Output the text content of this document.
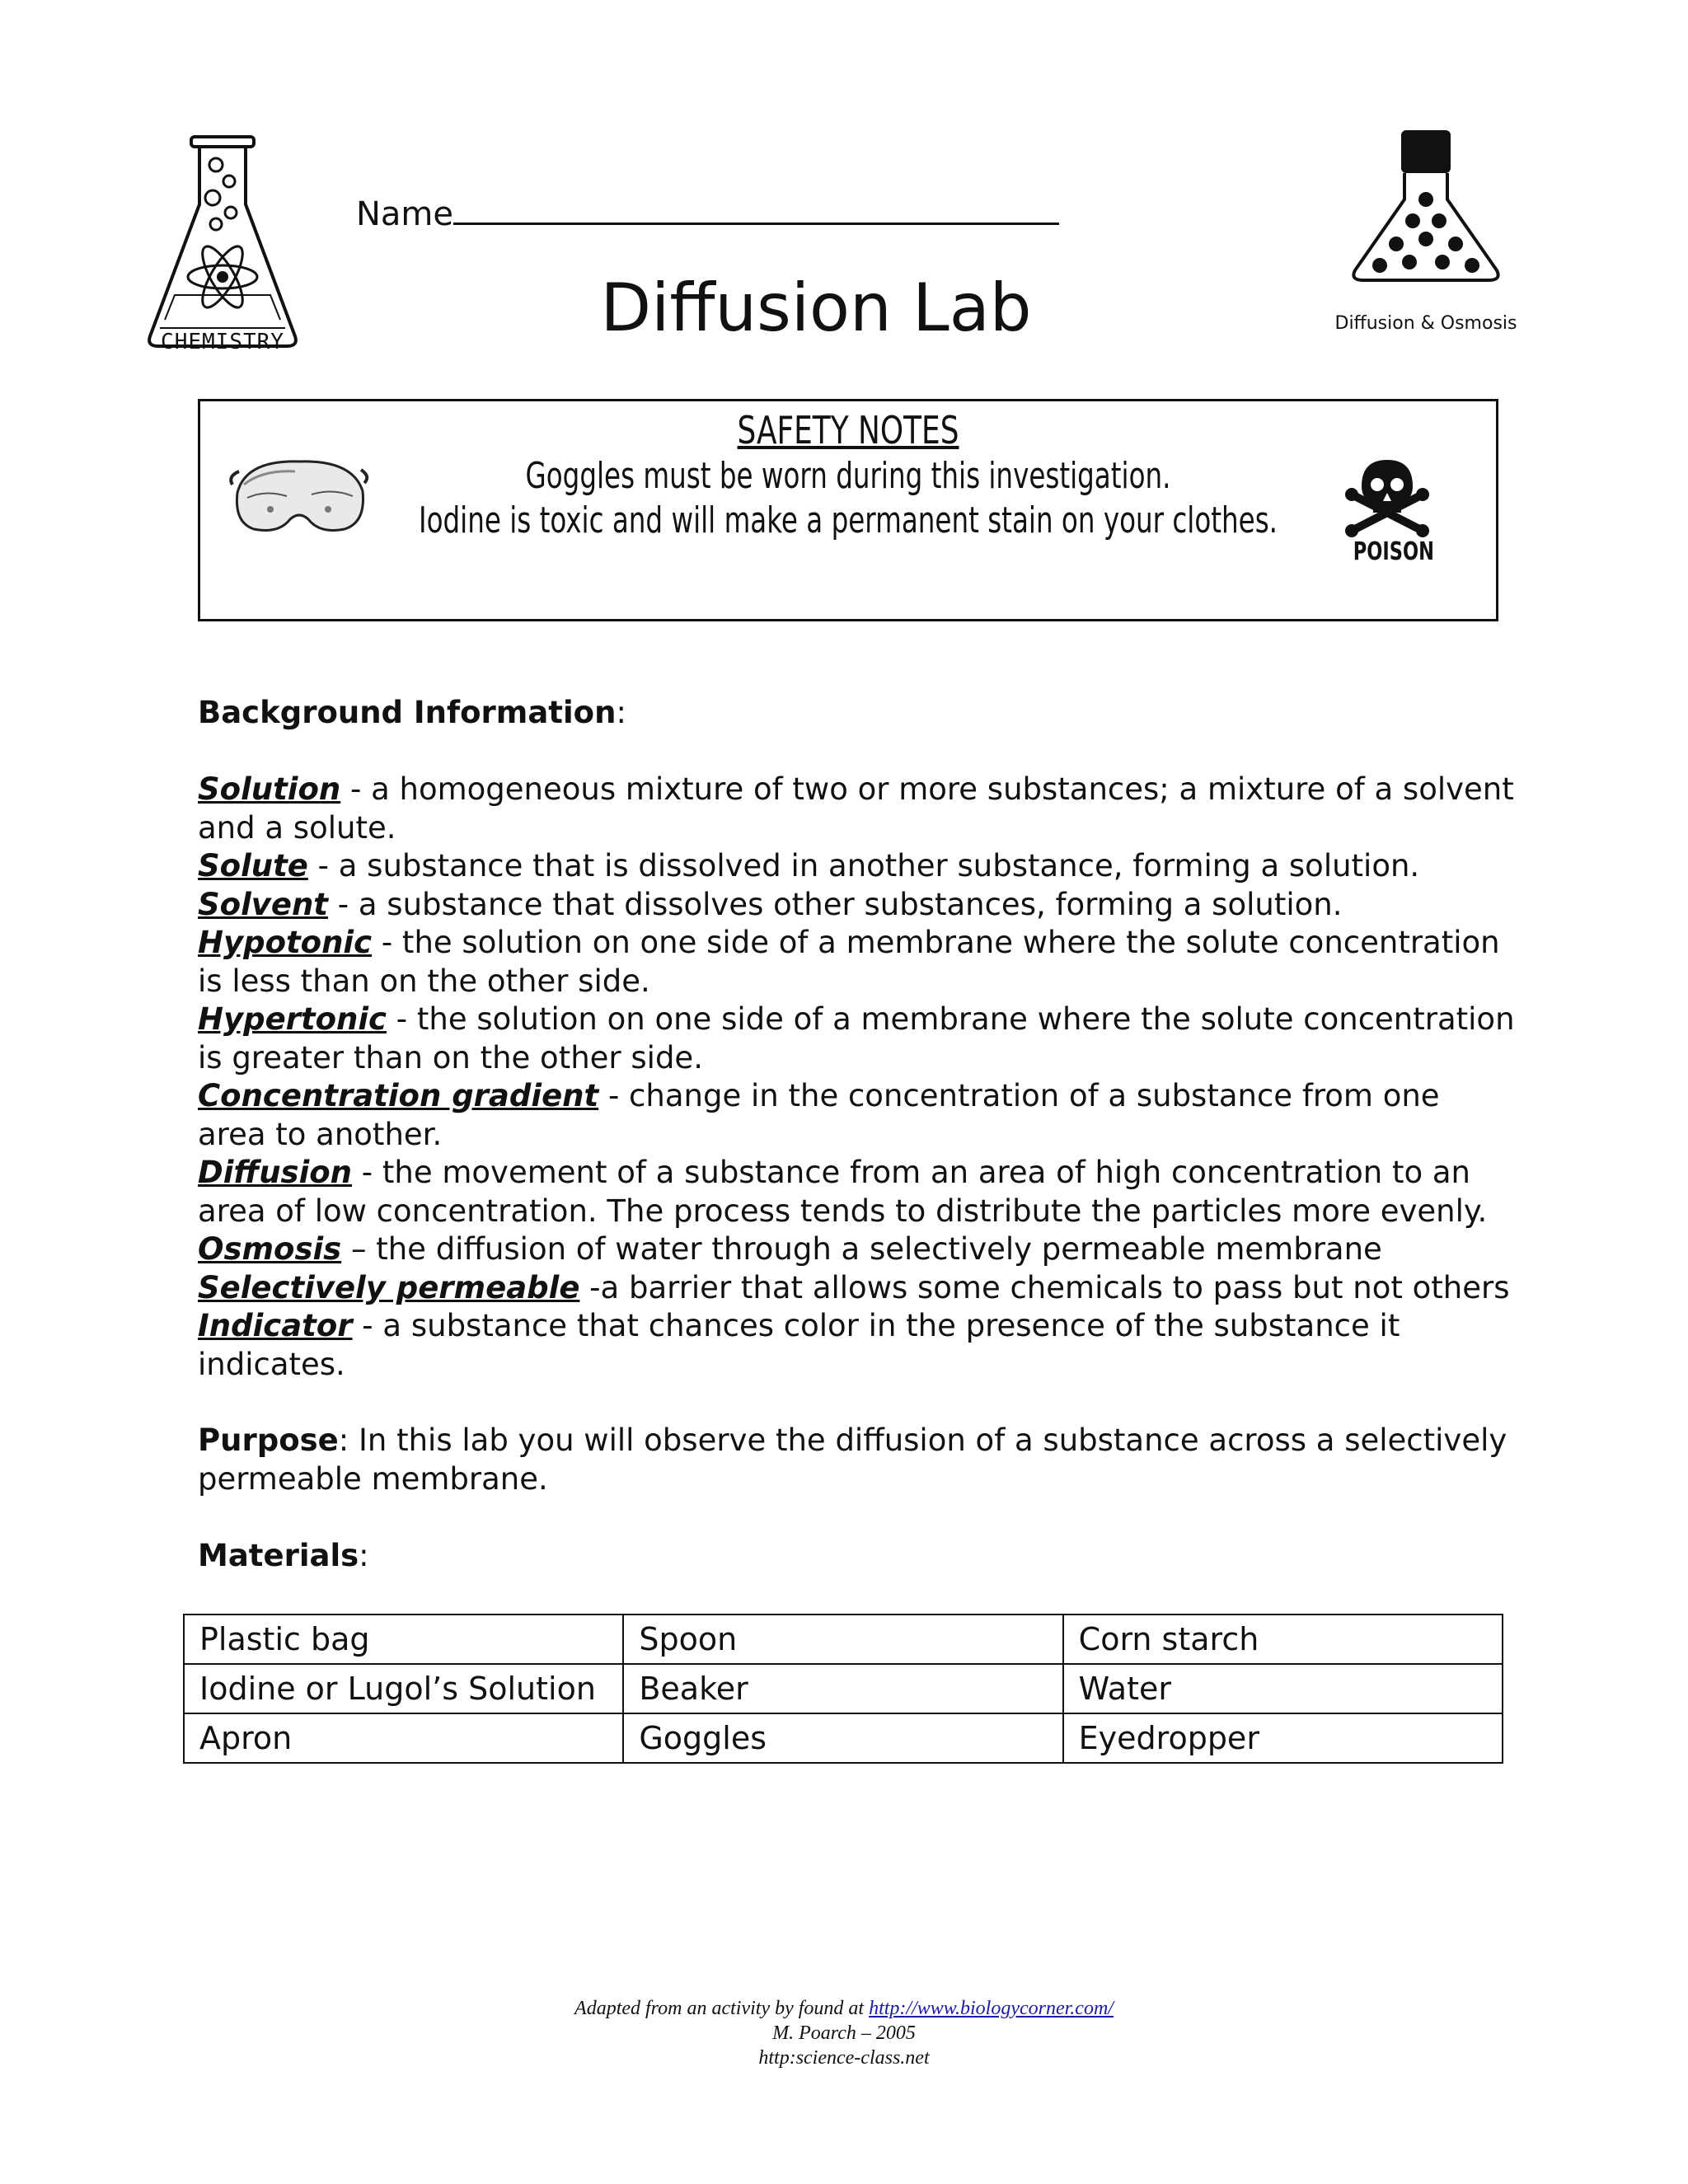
CHEMISTRY
Name
Diffusion Lab	Diffusion & Osmosis
SAFETY NOTES
Goggles must be worn during this investigation.
Iodine is toxic and will make a permanent stain on your clothes.
POISON
Background Information:
Solution - a homogeneous mixture of two or more substances; a mixture of a solvent and a solute.
Solute - a substance that is dissolved in another substance, forming a solution.
Solvent - a substance that dissolves other substances, forming a solution.
Hypotonic - the solution on one side of a membrane where the solute concentration is less than on the other side.
Hypertonic - the solution on one side of a membrane where the solute concentration is greater than on the other side.
Concentration gradient - change in the concentration of a substance from one area to another.
Diffusion - the movement of a substance from an area of high concentration to an area of low concentration. The process tends to distribute the particles more evenly.
Osmosis – the diffusion of water through a selectively permeable membrane
Selectively permeable -a barrier that allows some chemicals to pass but not others
Indicator - a substance that chances color in the presence of the substance it indicates.
Purpose: In this lab you will observe the diffusion of a substance across a selectively permeable membrane.
Materials:
Plastic bag	Spoon	Corn starch
Iodine or Lugol’s Solution	Beaker	Water
Apron	Goggles	Eyedropper
Adapted from an activity by found at http://www.biologycorner.com/
M. Poarch – 2005
http:science-class.net
